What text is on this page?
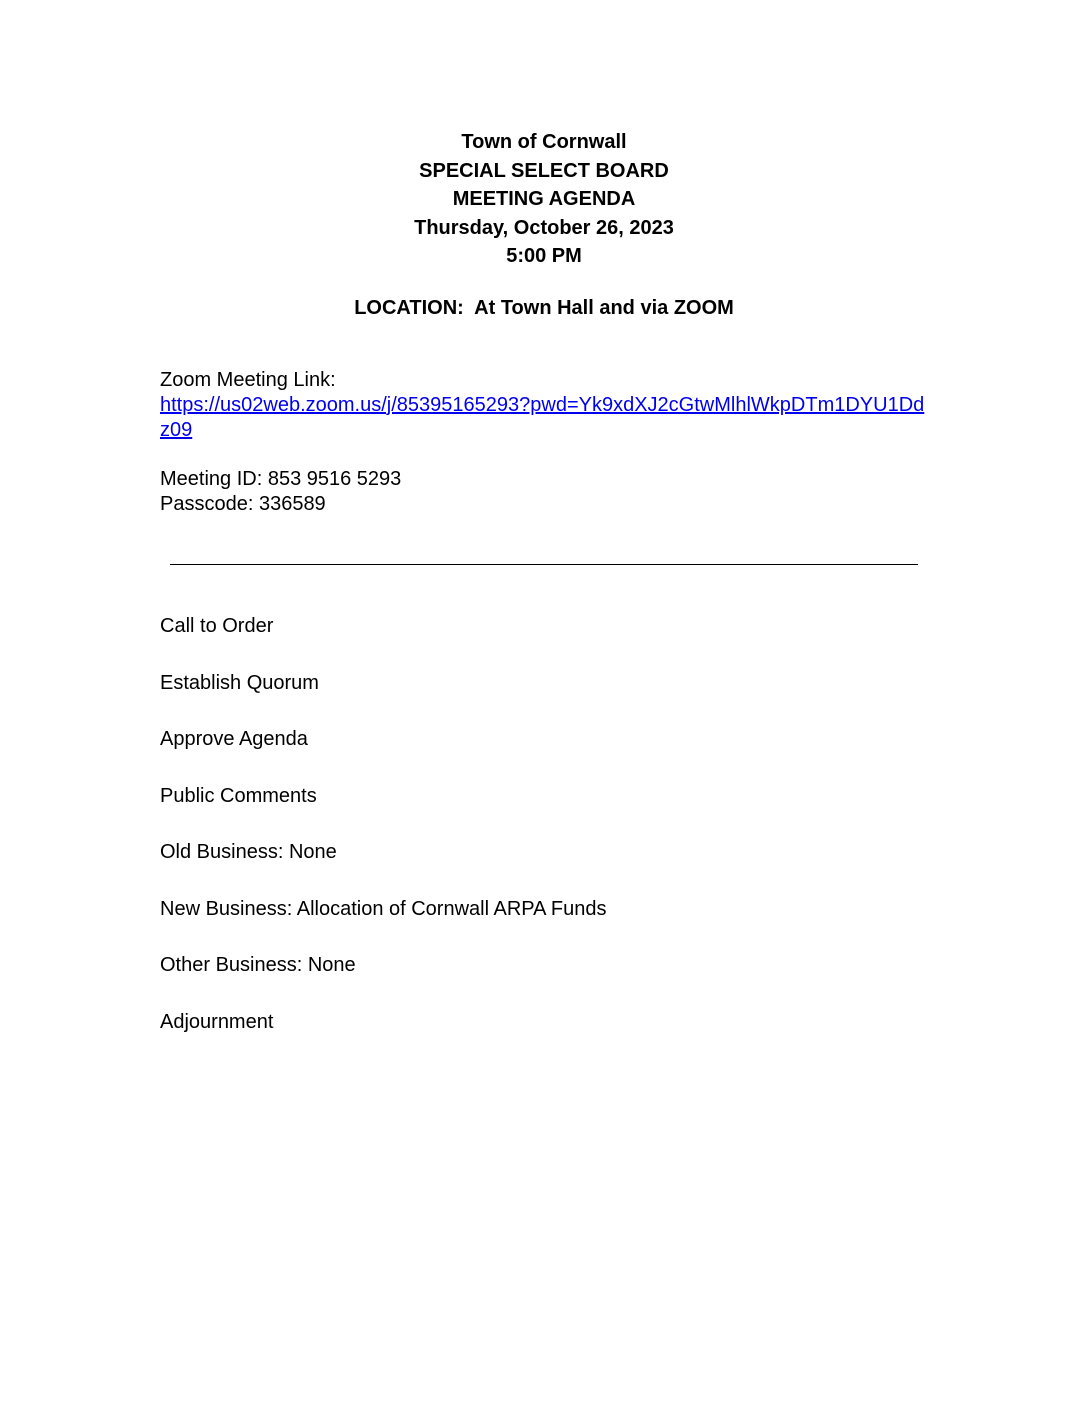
Town of Cornwall
SPECIAL SELECT BOARD
MEETING AGENDA
Thursday, October 26, 2023
5:00 PM
LOCATION:  At Town Hall and via ZOOM
Zoom Meeting Link:
https://us02web.zoom.us/j/85395165293?pwd=Yk9xdXJ2cGtwMlhlWkpDTm1DYU1Ddz09
Meeting ID: 853 9516 5293
Passcode: 336589
Call to Order
Establish Quorum
Approve Agenda
Public Comments
Old Business: None
New Business: Allocation of Cornwall ARPA Funds
Other Business: None
Adjournment
